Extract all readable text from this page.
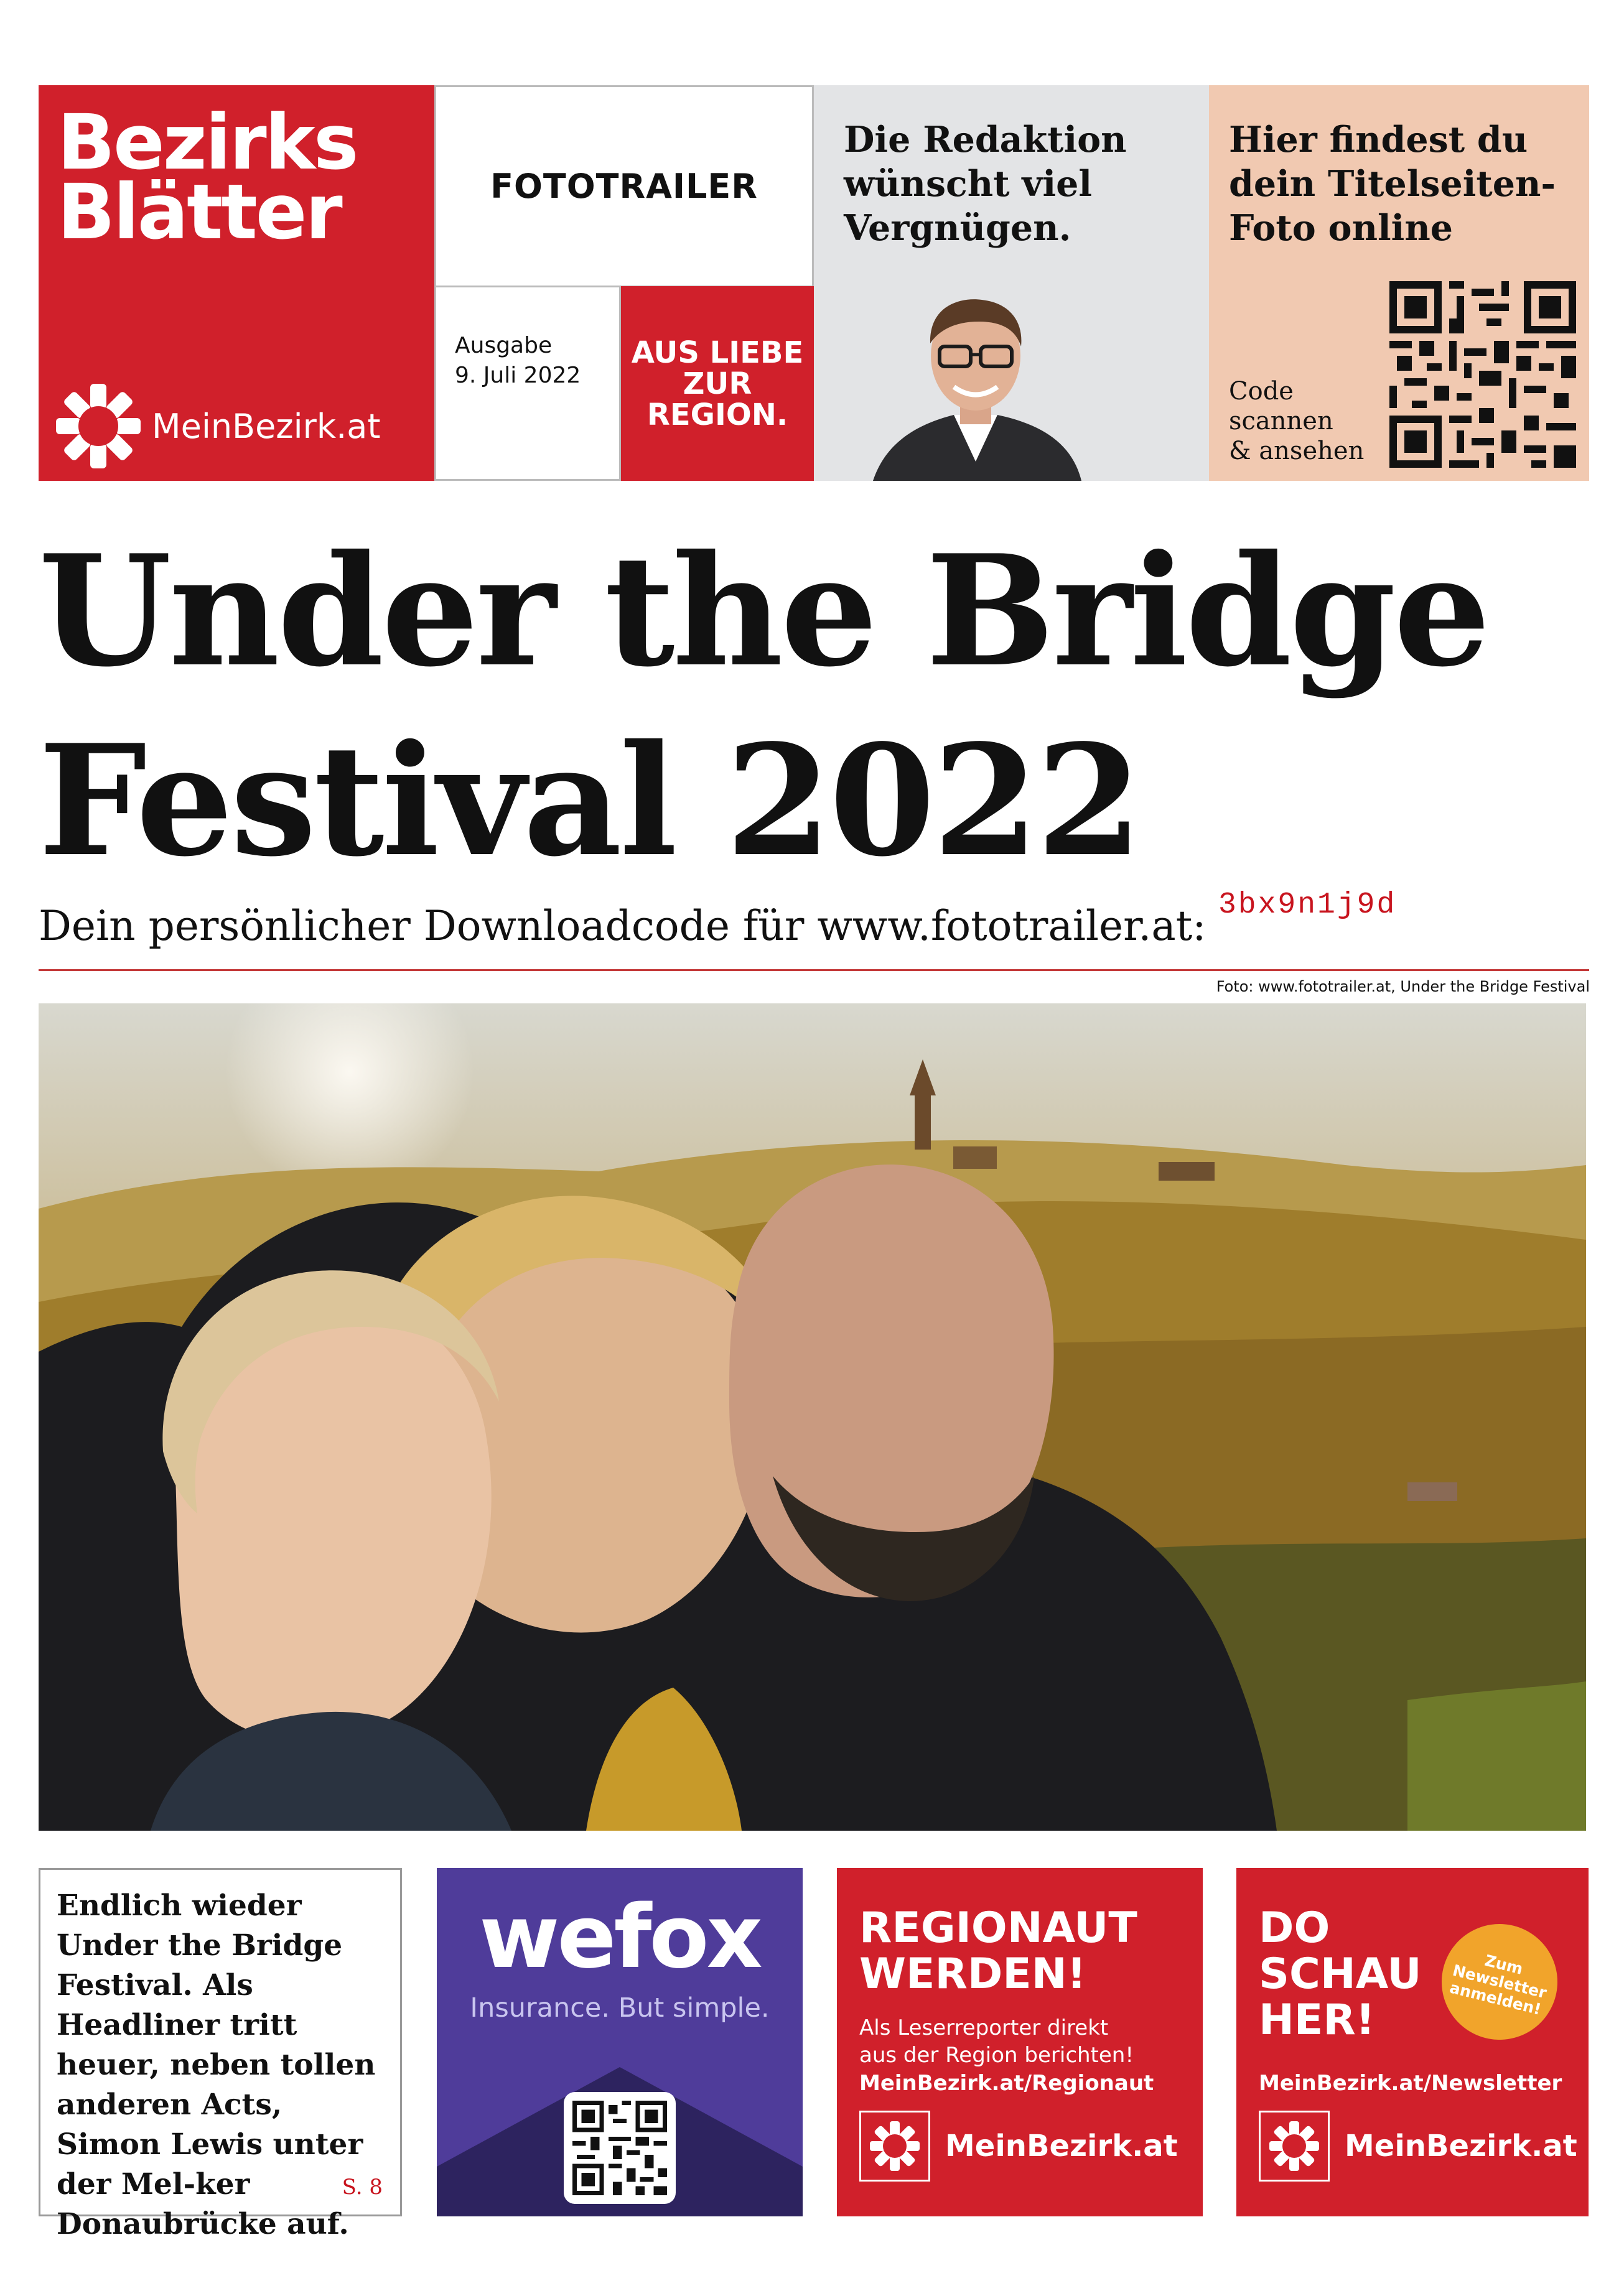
Bezirks
Blätter
MeinBezirk.at
FOTOTRAILER
Ausgabe
9. Juli 2022
AUS LIEBE
ZUR
REGION.
Die Redaktion
wünscht viel
Vergnügen.
Hier findest du
dein Titelseiten-
Foto online
Code
scannen
& ansehen
Under the Bridge
Festival 2022
Dein persönlicher Downloadcode für www.fototrailer.at: 3bx9n1j9d
Foto: www.fototrailer.at, Under the Bridge Festival
Endlich wieder Under the Bridge Festival. Als Headliner tritt heuer, neben tollen anderen Acts, Simon Lewis unter der Mel-ker Donaubrücke auf.
S. 8
wefox
Insurance. But simple.
REGIONAUT
WERDEN!
Als Leserreporter direkt
aus der Region berichten!
MeinBezirk.at/Regionaut
MeinBezirk.at
DO
SCHAU
HER!
Zum
Newsletter
anmelden!
MeinBezirk.at/Newsletter
MeinBezirk.at
